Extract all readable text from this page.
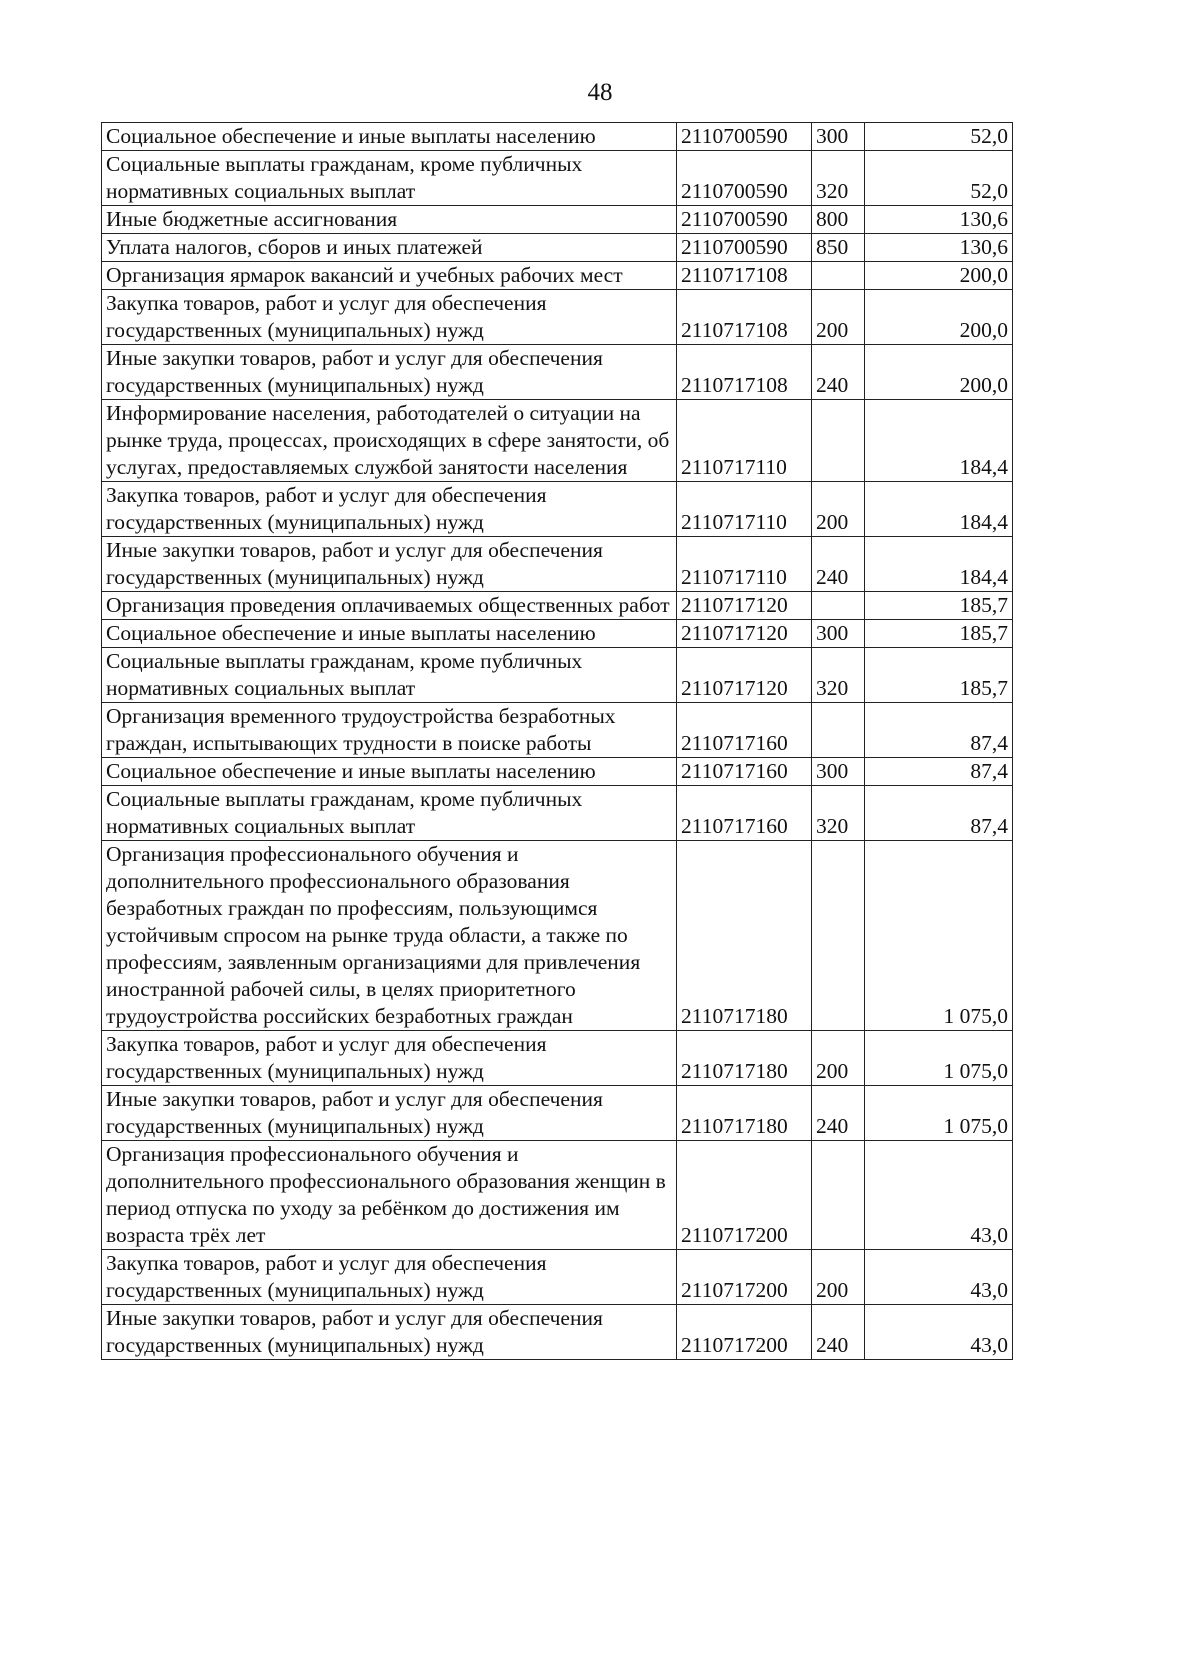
48
Социальное обеспечение и иные выплаты населению	2110700590	300	52,0
Социальные выплаты гражданам, кроме публичных нормативных социальных выплат	2110700590	320	52,0
Иные бюджетные ассигнования	2110700590	800	130,6
Уплата налогов, сборов и иных платежей	2110700590	850	130,6
Организация ярмарок вакансий и учебных рабочих мест	2110717108		200,0
Закупка товаров, работ и услуг для обеспечения государственных (муниципальных) нужд	2110717108	200	200,0
Иные закупки товаров, работ и услуг для обеспечения государственных (муниципальных) нужд	2110717108	240	200,0
Информирование населения, работодателей о ситуации на рынке труда, процессах, происходящих в сфере занятости, об услугах, предоставляемых службой занятости населения	2110717110		184,4
Закупка товаров, работ и услуг для обеспечения государственных (муниципальных) нужд	2110717110	200	184,4
Иные закупки товаров, работ и услуг для обеспечения государственных (муниципальных) нужд	2110717110	240	184,4
Организация проведения оплачиваемых общественных работ	2110717120		185,7
Социальное обеспечение и иные выплаты населению	2110717120	300	185,7
Социальные выплаты гражданам, кроме публичных нормативных социальных выплат	2110717120	320	185,7
Организация временного трудоустройства безработных граждан, испытывающих трудности в поиске работы	2110717160		87,4
Социальное обеспечение и иные выплаты населению	2110717160	300	87,4
Социальные выплаты гражданам, кроме публичных нормативных социальных выплат	2110717160	320	87,4
Организация профессионального обучения и дополнительного профессионального образования безработных граждан по профессиям, пользующимся устойчивым спросом на рынке труда области, а также по профессиям, заявленным организациями для привлечения иностранной рабочей силы, в целях приоритетного трудоустройства российских безработных граждан	2110717180		1 075,0
Закупка товаров, работ и услуг для обеспечения государственных (муниципальных) нужд	2110717180	200	1 075,0
Иные закупки товаров, работ и услуг для обеспечения государственных (муниципальных) нужд	2110717180	240	1 075,0
Организация профессионального обучения и дополнительного профессионального образования женщин в период отпуска по уходу за ребёнком до достижения им возраста трёх лет	2110717200		43,0
Закупка товаров, работ и услуг для обеспечения государственных (муниципальных) нужд	2110717200	200	43,0
Иные закупки товаров, работ и услуг для обеспечения государственных (муниципальных) нужд	2110717200	240	43,0
